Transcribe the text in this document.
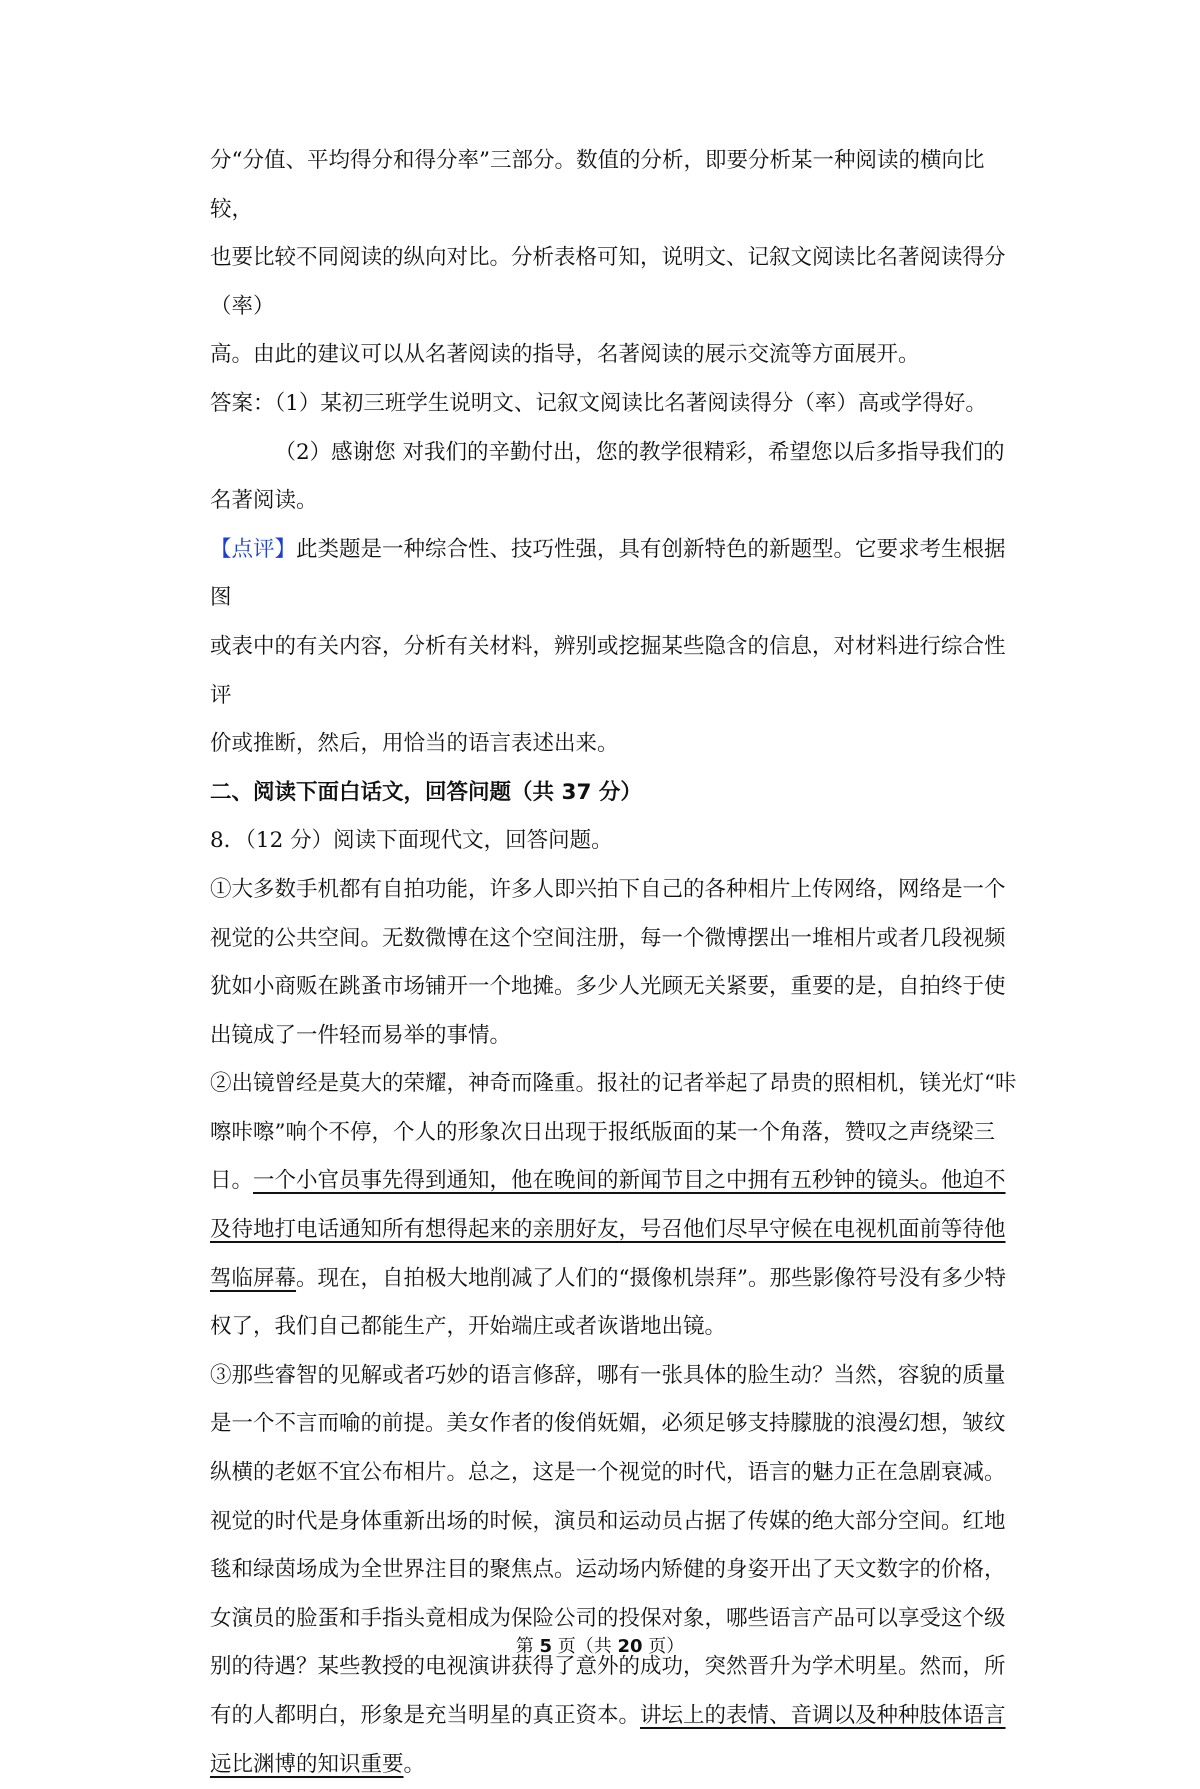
分“分值、平均得分和得分率”三部分。数值的分析，即要分析某一种阅读的横向比较，

也要比较不同阅读的纵向对比。分析表格可知，说明文、记叙文阅读比名著阅读得分（率）

高。由此的建议可以从名著阅读的指导，名著阅读的展示交流等方面展开。

答案：（1）某初三班学生说明文、记叙文阅读比名著阅读得分（率）高或学得好。

（2）感谢您 对我们的辛勤付出，您的教学很精彩，希望您以后多指导我们的

名著阅读。

【点评】此类题是一种综合性、技巧性强，具有创新特色的新题型。它要求考生根据图

或表中的有关内容，分析有关材料，辨别或挖掘某些隐含的信息，对材料进行综合性评

价或推断，然后，用恰当的语言表述出来。

二、阅读下面白话文，回答问题（共 37 分）

8．（12 分）阅读下面现代文，回答问题。

①大多数手机都有自拍功能，许多人即兴拍下自己的各种相片上传网络，网络是一个视觉的公共空间。无数微博在这个空间注册，每一个微博摆出一堆相片或者几段视频犹如小商贩在跳蚤市场铺开一个地摊。多少人光顾无关紧要，重要的是，自拍终于使出镜成了一件轻而易举的事情。

②出镜曾经是莫大的荣耀，神奇而隆重。报社的记者举起了昂贵的照相机，镁光灯“咔嚓咔嚓”响个不停，个人的形象次日出现于报纸版面的某一个角落，赞叹之声绕梁三日。一个小官员事先得到通知，他在晚间的新闻节目之中拥有五秒钟的镜头。他迫不及待地打电话通知所有想得起来的亲朋好友，号召他们尽早守候在电视机面前等待他驾临屏幕。现在，自拍极大地削减了人们的“摄像机崇拜”。那些影像符号没有多少特权了，我们自己都能生产，开始端庄或者诙谐地出镜。

③那些睿智的见解或者巧妙的语言修辞，哪有一张具体的脸生动？当然，容貌的质量是一个不言而喻的前提。美女作者的俊俏妩媚，必须足够支持朦胧的浪漫幻想，皱纹纵横的老妪不宜公布相片。总之，这是一个视觉的时代，语言的魅力正在急剧衰减。视觉的时代是身体重新出场的时候，演员和运动员占据了传媒的绝大部分空间。红地毯和绿茵场成为全世界注目的聚焦点。运动场内矫健的身姿开出了天文数字的价格，女演员的脸蛋和手指头竟相成为保险公司的投保对象，哪些语言产品可以享受这个级别的待遇？某些教授的电视演讲获得了意外的成功，突然晋升为学术明星。然而，所有的人都明白，形象是充当明星的真正资本。讲坛上的表情、音调以及种种肢体语言远比渊博的知识重要。

第 5 页（共 20 页）
